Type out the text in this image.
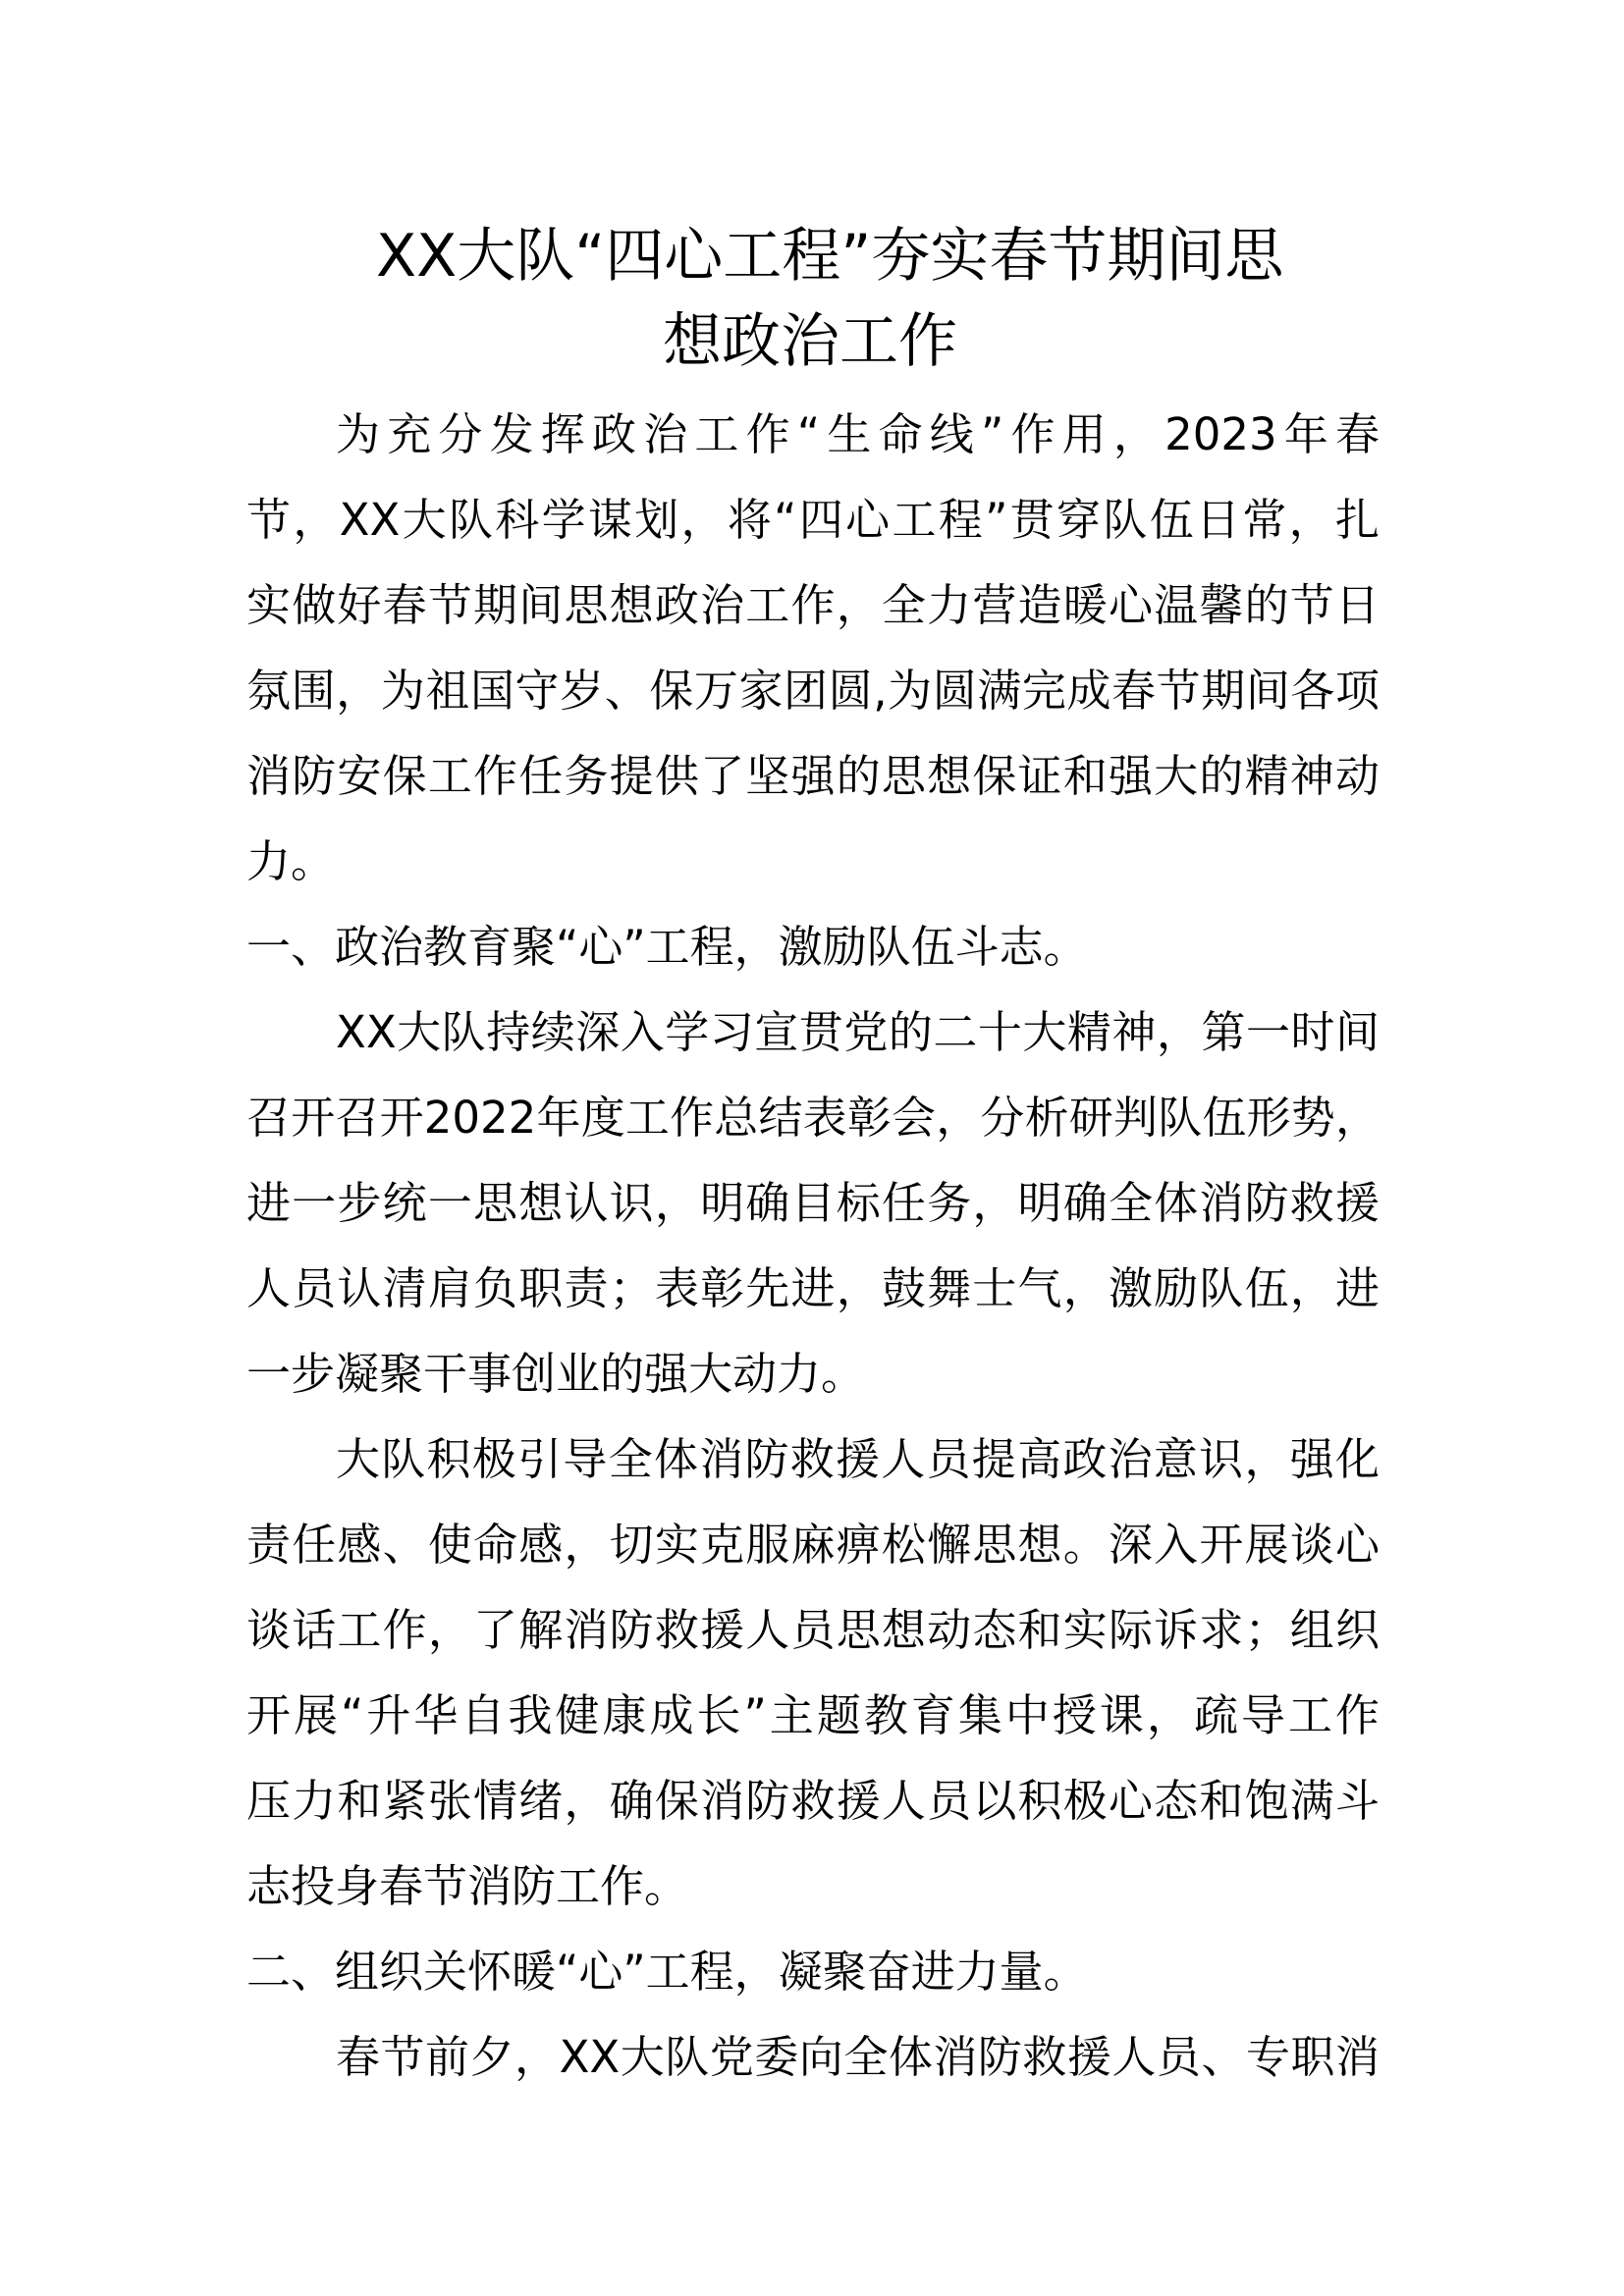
XX大队“四心工程”夯实春节期间思
想政治工作
为充分发挥政治工作“生命线”作用，2023年春
节，XX大队科学谋划，将“四心工程”贯穿队伍日常，扎
实做好春节期间思想政治工作，全力营造暖心温馨的节日
氛围，为祖国守岁、保万家团圆,为圆满完成春节期间各项
消防安保工作任务提供了坚强的思想保证和强大的精神动
力。
一、政治教育聚“心”工程，激励队伍斗志。
XX大队持续深入学习宣贯党的二十大精神，第一时间
召开召开2022年度工作总结表彰会，分析研判队伍形势，
进一步统一思想认识，明确目标任务，明确全体消防救援
人员认清肩负职责；表彰先进，鼓舞士气，激励队伍，进
一步凝聚干事创业的强大动力。
大队积极引导全体消防救援人员提高政治意识，强化
责任感、使命感，切实克服麻痹松懈思想。深入开展谈心
谈话工作，了解消防救援人员思想动态和实际诉求；组织
开展“升华自我健康成长”主题教育集中授课，疏导工作
压力和紧张情绪，确保消防救援人员以积极心态和饱满斗
志投身春节消防工作。
二、组织关怀暖“心”工程，凝聚奋进力量。
春节前夕，XX大队党委向全体消防救援人员、专职消
